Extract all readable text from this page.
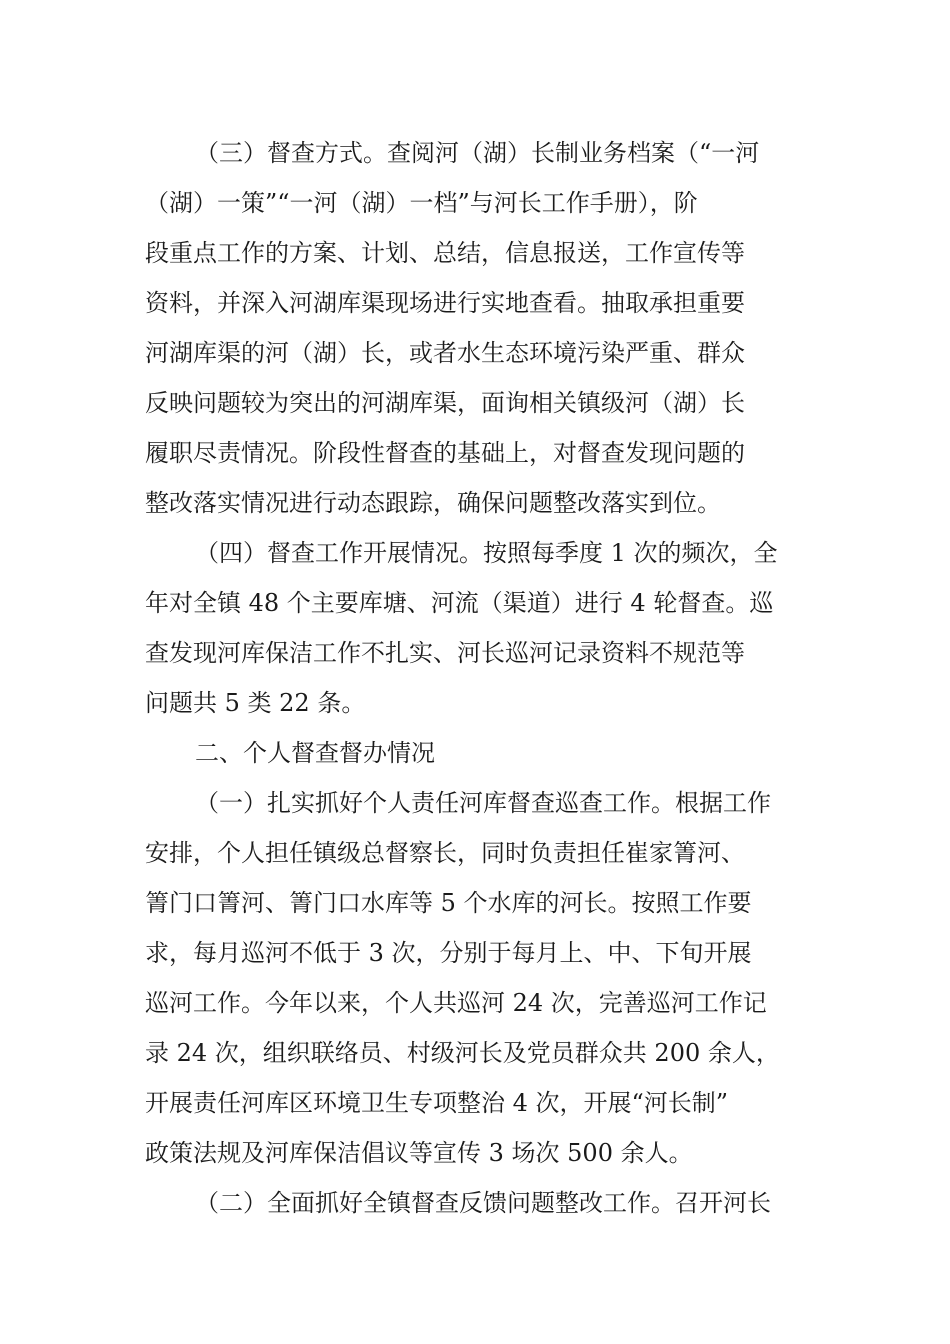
（三）督查方式。查阅河（湖）长制业务档案（“一河
（湖）一策”“一河（湖）一档”与河长工作手册），阶
段重点工作的方案、计划、总结，信息报送，工作宣传等
资料，并深入河湖库渠现场进行实地查看。抽取承担重要
河湖库渠的河（湖）长，或者水生态环境污染严重、群众
反映问题较为突出的河湖库渠，面询相关镇级河（湖）长
履职尽责情况。阶段性督查的基础上，对督查发现问题的
整改落实情况进行动态跟踪，确保问题整改落实到位。
（四）督查工作开展情况。按照每季度 1 次的频次，全
年对全镇 48 个主要库塘、河流（渠道）进行 4 轮督查。巡
查发现河库保洁工作不扎实、河长巡河记录资料不规范等
问题共 5 类 22 条。
二、个人督查督办情况
（一）扎实抓好个人责任河库督查巡查工作。根据工作
安排，个人担任镇级总督察长，同时负责担任崔家箐河、
箐门口箐河、箐门口水库等 5 个水库的河长。按照工作要
求，每月巡河不低于 3 次，分别于每月上、中、下旬开展
巡河工作。今年以来，个人共巡河 24 次，完善巡河工作记
录 24 次，组织联络员、村级河长及党员群众共 200 余人，
开展责任河库区环境卫生专项整治 4 次，开展“河长制”
政策法规及河库保洁倡议等宣传 3 场次 500 余人。
（二）全面抓好全镇督查反馈问题整改工作。召开河长
